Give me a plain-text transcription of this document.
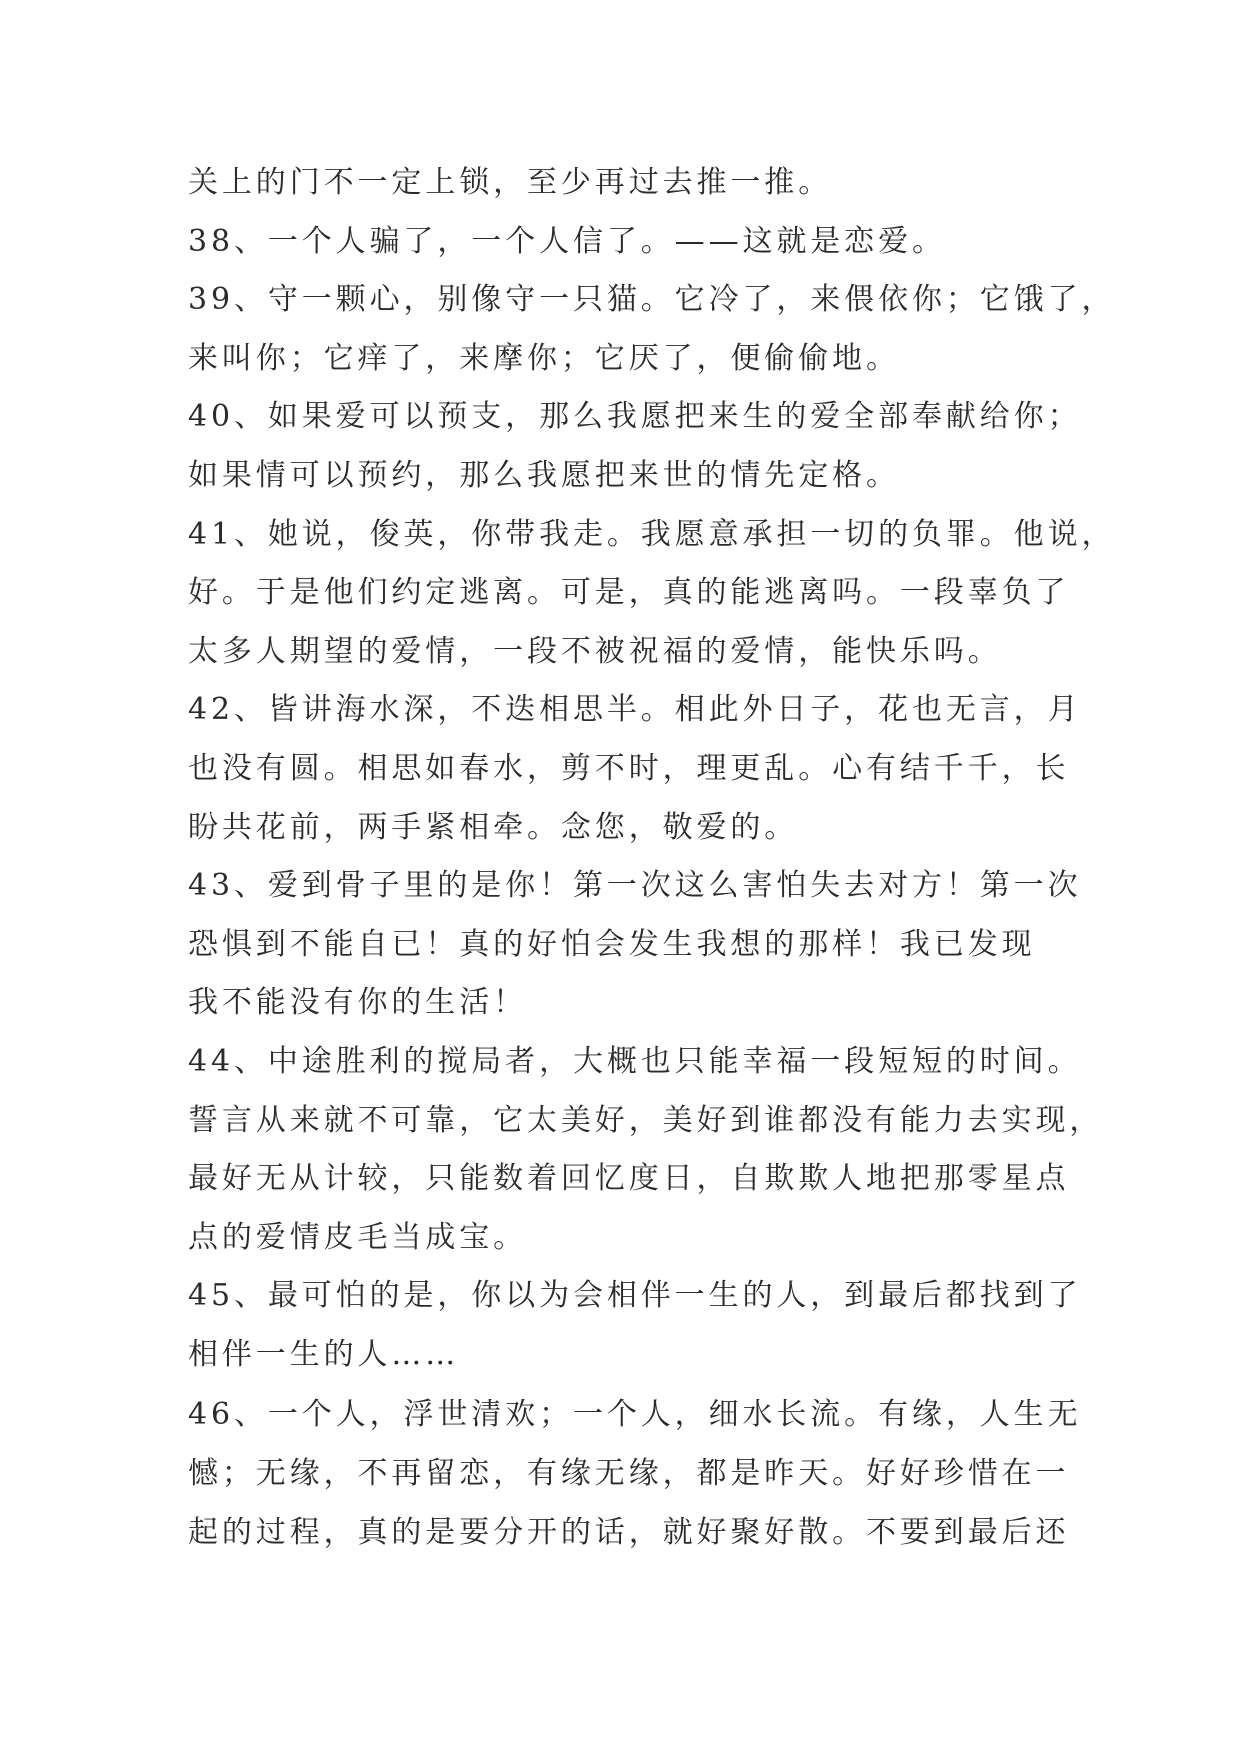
关上的门不一定上锁，至少再过去推一推。
38、一个人骗了，一个人信了。——这就是恋爱。
39、守一颗心，别像守一只猫。它冷了，来偎依你；它饿了，
来叫你；它痒了，来摩你；它厌了，便偷偷地。
40、如果爱可以预支，那么我愿把来生的爱全部奉献给你；
如果情可以预约，那么我愿把来世的情先定格。
41、她说，俊英，你带我走。我愿意承担一切的负罪。他说，
好。于是他们约定逃离。可是，真的能逃离吗。一段辜负了
太多人期望的爱情，一段不被祝福的爱情，能快乐吗。
42、皆讲海水深，不迭相思半。相此外日子，花也无言，月
也没有圆。相思如春水，剪不时，理更乱。心有结千千，长
盼共花前，两手紧相牵。念您，敬爱的。
43、爱到骨子里的是你！第一次这么害怕失去对方！第一次
恐惧到不能自已！真的好怕会发生我想的那样！我已发现
我不能没有你的生活！
44、中途胜利的搅局者，大概也只能幸福一段短短的时间。
誓言从来就不可靠，它太美好，美好到谁都没有能力去实现，
最好无从计较，只能数着回忆度日，自欺欺人地把那零星点
点的爱情皮毛当成宝。
45、最可怕的是，你以为会相伴一生的人，到最后都找到了
相伴一生的人……
46、一个人，浮世清欢；一个人，细水长流。有缘，人生无
憾；无缘，不再留恋，有缘无缘，都是昨天。好好珍惜在一
起的过程，真的是要分开的话，就好聚好散。不要到最后还
